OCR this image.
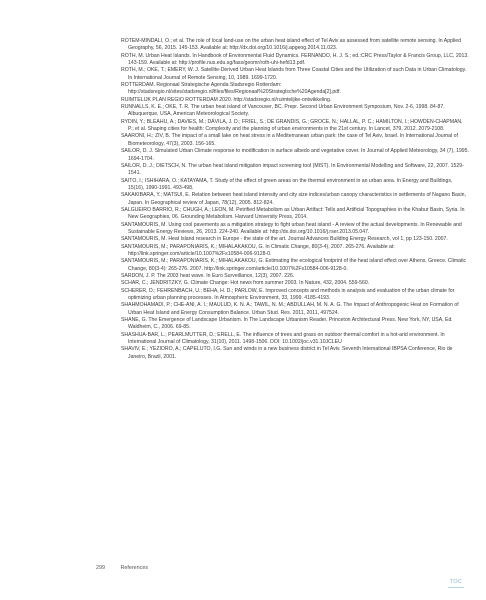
ROTEM-MINDALI, O.; et al. The role of local land-use on the urban heat island effect of Tel Aviv as assessed from satellite remote sensing. In Applied Geography, 56, 2015. 145-153. Available at: http://dx.doi.org/10.1016/j.apgeog.2014.11.023.
ROTH, M. Urban Heat Islands. In Handbook of Environmental Fluid Dynamics. FERNANDO, H. J. S.; ed.:CRC Press/Taylor & Francis Group, LLC, 2013. 143-159. Available at: http://profile.nus.edu.sg/fass/geomr/roth-uhi-hefd13.pdf.
ROTH, M.; OKE, T.; EMERY, W. J. Satellite-Derived Urban Heat Islands from Three Coastal Cities and the Utilization of such Data in Urban Climatology. In International Journal of Remote Sensing, 10, 1989. 1699-1720.
ROTTERDAM. Regionaal Strategische Agenda Stadsregio Rotterdam: http://stadsregio.nl/sites/stadsregio.nl/files/files/Regionaal%20Strategische%20Agenda[2].pdf.
RUIMTELIJK PLAN REGIO ROTTERDAM 2020. http://stadsregio.nl/ruimtelijke-ontwikkeling.
RUNNALLS, K. E.; OKE, T. R. The urban heat island of Vancouver, BC. Prepr. Second Urban Environment Symposium, Nov. 2-6, 1998. 84-87. Albuquerque, USA, American Meteorological Society.
RYDIN, Y.; BLEAHU, A.; DAVIES, M.; DÁVILA, J. D.; FRIEL, S.; DE GRANDIS, G.; GROCE, N.; HALLAL, P. C.; HAMILTON, I.; HOWDEN-CHAPMAN, P.; et al. Shaping cities for health: Complexity and the planning of urban environments in the 21st century. In Lancet, 379, 2012. 2079-2108.
SAARONI, H.; ZIV, B. The impact of a small lake on heat stress in a Mediterranean urban park: the case of Tel Aviv, Israel. In International Journal of Biometeorology, 47(3), 2003. 156-165.
SAILOR, D. J. Simulated Urban Climate response to modification in surface albedo and vegetative cover. In Journal of Applied Meteorology, 34 (7), 1995. 1694-1704.
SAILOR, D. J.; DIETSCH, N. The urban heat island mitigation impact screening tool (MIST). In Environmental Modelling and Software, 22, 2007. 1529-1541.
SAITO, I.; ISHIHARA, O.; KATAYAMA, T. Study of the effect of green areas on the thermal environment in an urban area. In Energy and Buildings, 15(16), 1990-1991. 493-498.
SAKAKIBARA, Y.; MATSUI, E. Relation between heat island intensity and city size indices/urban canopy characteristics in settlements of Nagano Basin, Japan. In Geographical review of Japan, 78(12), 2005. 812-824.
SALGUEIRO BARRIO, R.; CHUGH, A.; LEON, M. Petrified Metabolism as Urban Artifact: Tells and Artificial Topographies in the Khabur Basin, Syria. In New Geographies, 06. Grounding Metabolism. Harvard University Press, 2014.
SANTAMOURIS, M. Using cool pavements as a mitigation strategy to fight urban heat island - A review of the actual developments. In Renewable and Sustainable Energy Reviews, 26, 2013. 224-240. Available at: http://dx.doi.org/10.1016/j.rser.2013.05.047.
SANTAMOURIS, M. Heat Island research in Europe - the state of the art. Journal Advances Building Energy Research, vol 1, pp 123-150. 2007.
SANTAMOURIS, M.; PARAPONIARIS, K.; MIHALAKAKOU, G. In Climatic Change, 80(3-4), 2007. 265-276. Available at: http://link.springer.com/article/10.1007%2Fs10584-006-9128-0.
SANTAMOURIS, M.; PARAPONIARIS, K.; MIHALAKAKOU, G. Estimating the ecological footprint of the heat island effect over Athens, Greece. Climatic Change, 80(3-4): 265-276. 2007. http://link.springer.com/article/10.1007%2Fs10584-006-9128-0.
SARDON, J. P. The 2003 heat wave. In Euro Surveillance, 12(3), 2007. 226.
SCHAR, C.; JENDRITZKY, G. Climate Change: Hot news from summer 2003. In Nature, 432, 2004. 559-560.
SCHERER, D.; FEHRENBACH, U.; BEHA, H. D.; PARLOW, E. Improved concepts and methods in analysis and evaluation of the urban climate for optimizing urban planning processes. In Atmospheric Environment, 33, 1999. 4185-4193.
SHAHMOHAMADI, P.; CHE-ANI, A. I.; MAULUD, K. N. A.; TAWIL, N. M.; ABDULLAH, M. N. A. G. The Impact of Anthropogenic Heat on Formation of Urban Heat Island and Energy Consumption Balance. Urban Stud. Res. 2011, 2011, 497524.
SHANE, G. The Emergence of Landscape Urbanism. In The Landscape Urbanism Reader. Princeton Architectural Press. New York, NY, USA, Ed. Waldheim, C., 2006. 69-85.
SHASHUA-BAR, L.; PEARLMUTTER, D.; ERELL, E. The influence of trees and grass on outdoor thermal comfort in a hot-arid environment. In International Journal of Climatology, 31(10), 2011. 1498-1506. DOI: 10.1002/joc.v31.10JCLEU
SHAVIV, E.; YEZIORO, A.; CAPELUTO, I.G. Sun and winds in a new business district in Tel Aviv. Seventh International IBPSA Conference, Rio de Janeiro, Brazil, 2001.
299	References
TOC
